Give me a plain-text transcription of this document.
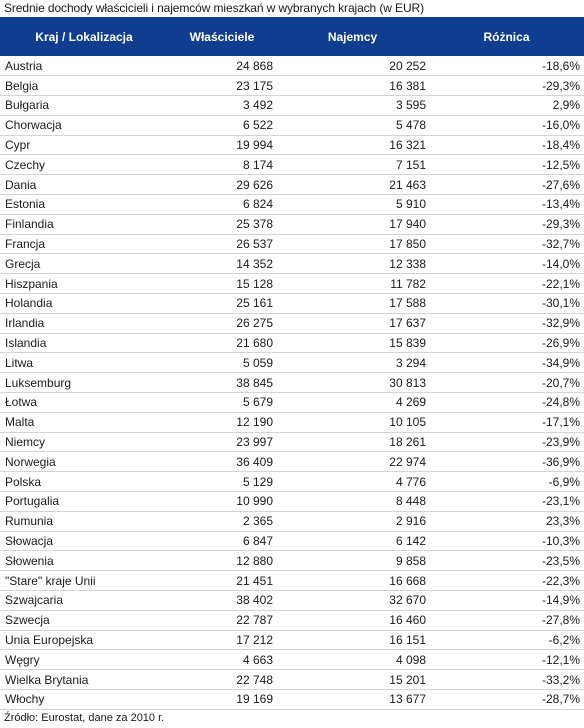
Srednie dochody właścicieli i najemców mieszkań w wybranych krajach (w EUR)
Kraj / Lokalizacja	Właściciele	Najemcy	Różnica
Austria	24 868	20 252	-18,6%
Belgia	23 175	16 381	-29,3%
Bułgaria	3 492	3 595	2,9%
Chorwacja	6 522	5 478	-16,0%
Cypr	19 994	16 321	-18,4%
Czechy	8 174	7 151	-12,5%
Dania	29 626	21 463	-27,6%
Estonia	6 824	5 910	-13,4%
Finlandia	25 378	17 940	-29,3%
Francja	26 537	17 850	-32,7%
Grecja	14 352	12 338	-14,0%
Hiszpania	15 128	11 782	-22,1%
Holandia	25 161	17 588	-30,1%
Irlandia	26 275	17 637	-32,9%
Islandia	21 680	15 839	-26,9%
Litwa	5 059	3 294	-34,9%
Luksemburg	38 845	30 813	-20,7%
Łotwa	5 679	4 269	-24,8%
Malta	12 190	10 105	-17,1%
Niemcy	23 997	18 261	-23,9%
Norwegia	36 409	22 974	-36,9%
Polska	5 129	4 776	-6,9%
Portugalia	10 990	8 448	-23,1%
Rumunia	2 365	2 916	23,3%
Słowacja	6 847	6 142	-10,3%
Słowenia	12 880	9 858	-23,5%
"Stare" kraje Unii	21 451	16 668	-22,3%
Szwajcaria	38 402	32 670	-14,9%
Szwecja	22 787	16 460	-27,8%
Unia Europejska	17 212	16 151	-6,2%
Węgry	4 663	4 098	-12,1%
Wielka Brytania	22 748	15 201	-33,2%
Włochy	19 169	13 677	-28,7%
Źródło: Eurostat, dane za 2010 r.
